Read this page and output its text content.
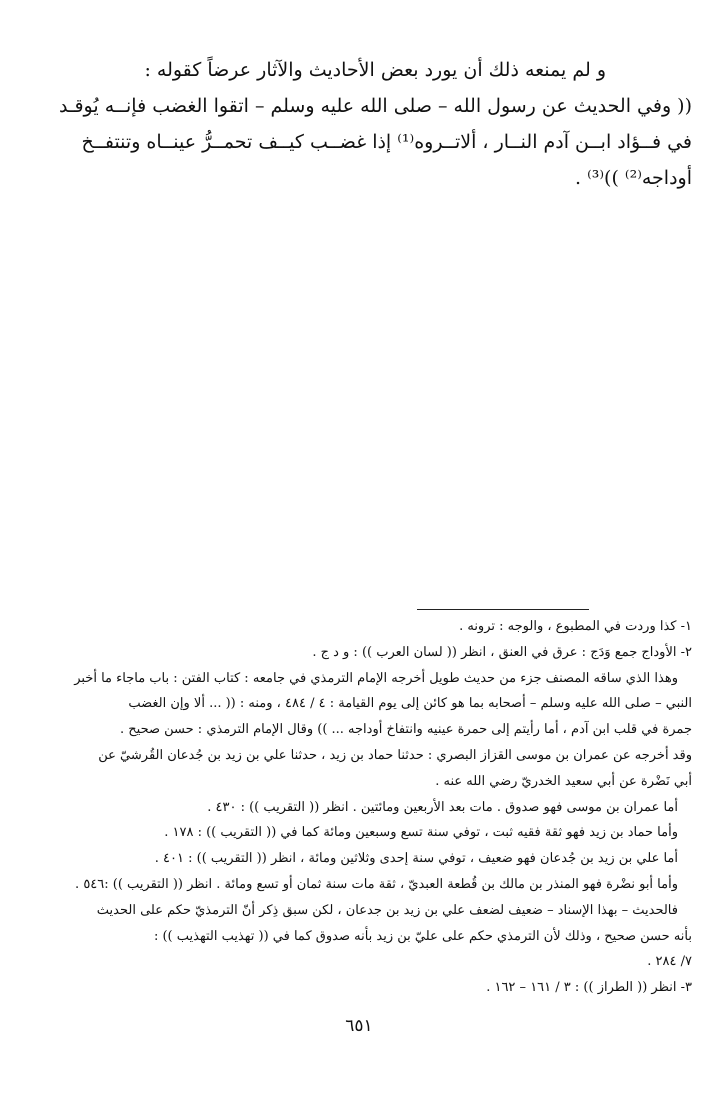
و لم يمنعه ذلك أن يورد بعض الأحاديث والآثار عرضاً كقوله :
(( وفي الحديث عن رسول الله – صلى الله عليه وسلم – اتقوا الغضب فإنــه يُوقـد
في فــؤاد ابــن آدم النــار ، ألاتــروه⁽¹⁾ إذا غضــب كيــف تحمــرُّ عينــاه وتنتفــخ
أوداجه⁽²⁾ ))⁽³⁾ .
١- كذا وردت في المطبوع ، والوجه : ترونه .
٢- الأوداج جمع وَدَج : عرق في العنق ، انظر (( لسان العرب )) : و د ج .
وهذا الذي ساقه المصنف جزء من حديث طويل أخرجه الإمام الترمذي في جامعه : كتاب الفتن : باب ماجاء ما أخبر
النبي – صلى الله عليه وسلم – أصحابه بما هو كائن إلى يوم القيامة : ٤ / ٤٨٤ ، ومنه : (( ... ألا وإن الغضب
جمرة في قلب ابن آدم ، أما رأيتم إلى حمرة عينيه وانتفاخ أوداجه ... )) وقال الإمام الترمذي : حسن صحيح .
وقد أخرجه عن عمران بن موسى القزاز البصري : حدثنا حماد بن زيد ، حدثنا علي بن زيد بن جُدعان القُرشيّ عن
أبي نَضْرة عن أبي سعيد الخدريّ رضي الله عنه .
أما عمران بن موسى فهو صدوق . مات بعد الأربعين ومائتين . انظر (( التقريب )) : ٤٣٠ .
وأما حماد بن زيد فهو ثقة فقيه ثبت ، توفي سنة تسع وسبعين ومائة كما في (( التقريب )) : ١٧٨ .
أما علي بن زيد بن جُدعان فهو ضعيف ، توفي سنة إحدى وثلاثين ومائة ، انظر (( التقريب )) : ٤٠١ .
وأما أبو نضْرة فهو المنذر بن مالك بن قُطعة العبديّ ، ثقة مات سنة ثمان أو تسع ومائة . انظر (( التقريب )) :٥٤٦ .
فالحديث – بهذا الإسناد – ضعيف لضعف علي بن زيد بن جدعان ، لكن سبق ذِكر أنّ الترمذيّ حكم على الحديث
بأنه حسن صحيح ، وذلك لأن الترمذي حكم على عليّ بن زيد بأنه صدوق كما في (( تهذيب التهذيب )) :
٧/ ٢٨٤ .
٣- انظر (( الطراز )) : ٣ / ١٦١ – ١٦٢ .
٦٥١
